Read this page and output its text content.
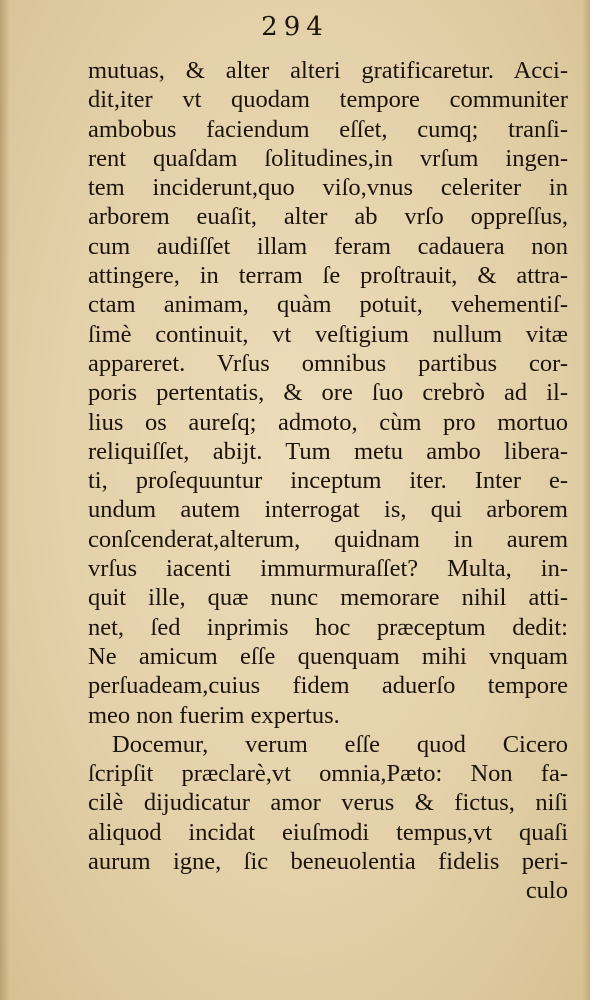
294
mutuas, & alter alteri gratificaretur. Acci-
dit,iter vt quodam tempore communiter
ambobus faciendum eſſet, cumq; tranſi-
rent quaſdam ſolitudines,in vrſum ingen-
tem inciderunt,quo viſo,vnus celeriter in
arborem euaſit, alter ab vrſo oppreſſus,
cum audiſſet illam feram cadauera non
attingere, in terram ſe proſtrauit, & attra-
ctam animam, quàm potuit, vehementiſ-
ſimè continuit, vt veſtigium nullum vitæ
appareret. Vrſus omnibus partibus cor-
poris pertentatis, & ore ſuo crebrò ad il-
lius os aureſq; admoto, cùm pro mortuo
reliquiſſet, abijt. Tum metu ambo libera-
ti, proſequuntur inceptum iter. Inter e-
undum autem interrogat is, qui arborem
conſcenderat,alterum, quidnam in aurem
vrſus iacenti immurmuraſſet? Multa, in-
quit ille, quæ nunc memorare nihil atti-
net, ſed inprimis hoc præceptum dedit:
Ne amicum eſſe quenquam mihi vnquam
perſuadeam,cuius fidem aduerſo tempore
meo non fuerim expertus.
Docemur, verum eſſe quod Cicero
ſcripſit præclarè,vt omnia,Pæto: Non fa-
cilè dijudicatur amor verus & fictus, niſi
aliquod incidat eiuſmodi tempus,vt quaſi
aurum igne, ſic beneuolentia fidelis peri-
culo
